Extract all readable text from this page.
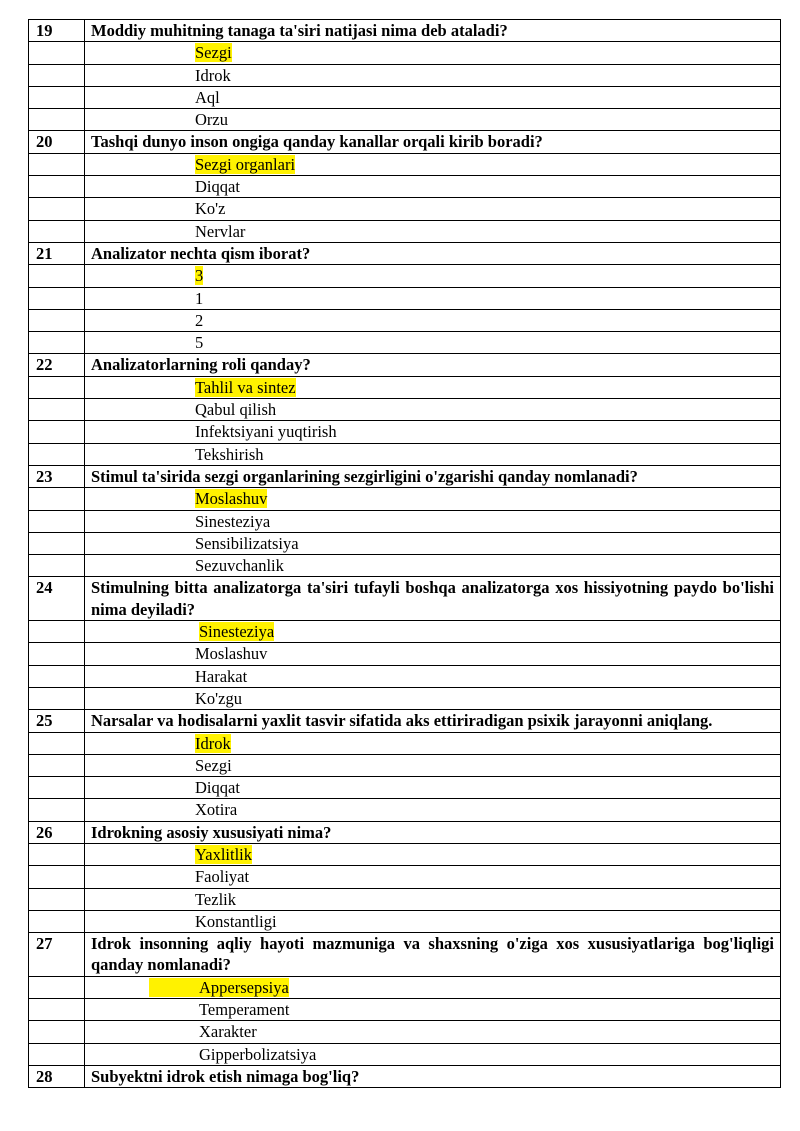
19	Moddiy muhitning tanaga ta'siri natijasi nima deb ataladi?
	Sezgi
	Idrok
	Aql
	Orzu
20	Tashqi dunyo inson ongiga qanday kanallar orqali kirib boradi?
	Sezgi organlari
	Diqqat
	Ko'z
	Nervlar
21	Analizator nechta qism iborat?
	3
	1
	2
	5
22	Analizatorlarning roli qanday?
	Tahlil va sintez
	Qabul qilish
	Infektsiyani yuqtirish
	Tekshirish
23	Stimul ta'sirida sezgi organlarining sezgirligini o'zgarishi qanday nomlanadi?
	Moslashuv
	Sinesteziya
	Sensibilizatsiya
	Sezuvchanlik
24	Stimulning bitta analizatorga ta'siri tufayli boshqa analizatorga xos hissiyotning paydo bo'lishi nima deyiladi?
	Sinesteziya
	Moslashuv
	Harakat
	Ko'zgu
25	Narsalar va hodisalarni yaxlit tasvir sifatida aks ettiriradigan psixik jarayonni aniqlang.
	Idrok
	Sezgi
	Diqqat
	Xotira
26	Idrokning asosiy xususiyati nima?
	Yaxlitlik
	Faoliyat
	Tezlik
	Konstantligi
27	Idrok insonning aqliy hayoti mazmuniga va shaxsning o'ziga xos xususiyatlariga bog'liqligi qanday nomlanadi?
	Appersepsiya
	Temperament
	Xarakter
	Gipperbolizatsiya
28	Subyektni idrok etish nimaga bog'liq?
